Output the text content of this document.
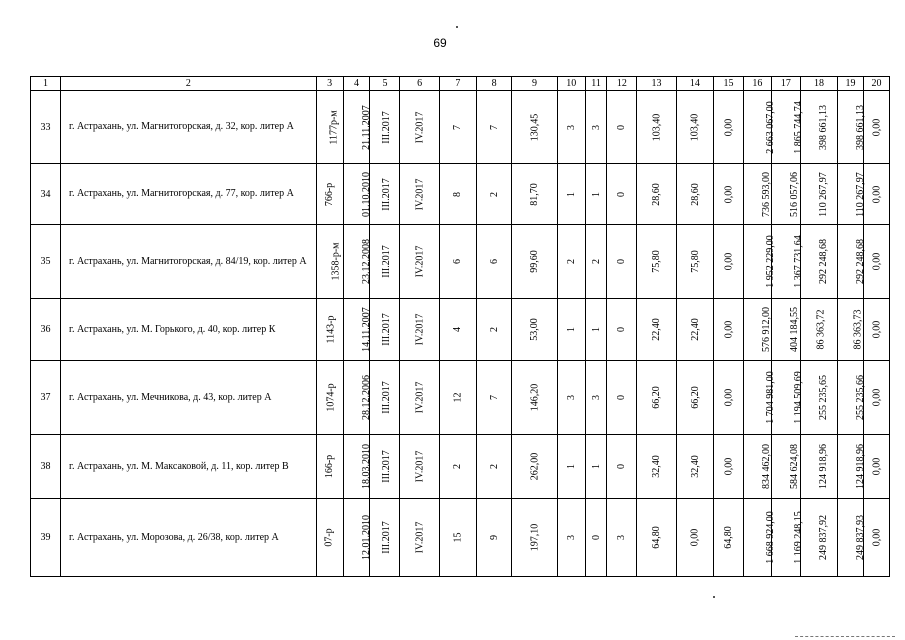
69
1	2	3	4	5	6	7	8	9	10	11	12	13	14	15	16	17	18	19	20
33	г. Астрахань, ул. Магнитогорская, д. 32, кор. литер А	1177р-м	21.11.2007	III.2017	IV.2017	7	7	130,45	3	3	0	103,40	103,40	0,00	2 663 067,00	1 865 744,74	398 661,13	398 661,13	0,00
34	г. Астрахань, ул. Магнитогорская, д. 77, кор. литер А	766-р	01.10.2010	III.2017	IV.2017	8	2	81,70	1	1	0	28,60	28,60	0,00	736 593,00	516 057,06	110 267,97	110 267,97	0,00
35	г. Астрахань, ул. Магнитогорская, д. 84/19, кор. литер А	1358-р-м	23.12.2008	III.2017	IV.2017	6	6	99,60	2	2	0	75,80	75,80	0,00	1 952 229,00	1 367 731,64	292 248,68	292 248,68	0,00
36	г. Астрахань, ул. М. Горького, д. 40, кор. литер К	1143-р	14.11.2007	III.2017	IV.2017	4	2	53,00	1	1	0	22,40	22,40	0,00	576 912,00	404 184,55	86 363,72	86 363,73	0,00
37	г. Астрахань, ул. Мечникова, д. 43, кор. литер А	1074-р	28.12.2006	III.2017	IV.2017	12	7	146,20	3	3	0	66,20	66,20	0,00	1 704 981,00	1 194 509,69	255 235,65	255 235,66	0,00
38	г. Астрахань, ул. М. Максаковой, д. 11, кор. литер В	166-р	18.03.2010	III.2017	IV.2017	2	2	262,00	1	1	0	32,40	32,40	0,00	834 462,00	584 624,08	124 918,96	124 918,96	0,00
39	г. Астрахань, ул. Морозова, д. 26/38, кор. литер А	07-р	12.01.2010	III.2017	IV.2017	15	9	197,10	3	0	3	64,80	0,00	64,80	1 668 924,00	1 169 248,15	249 837,92	249 837,93	0,00
